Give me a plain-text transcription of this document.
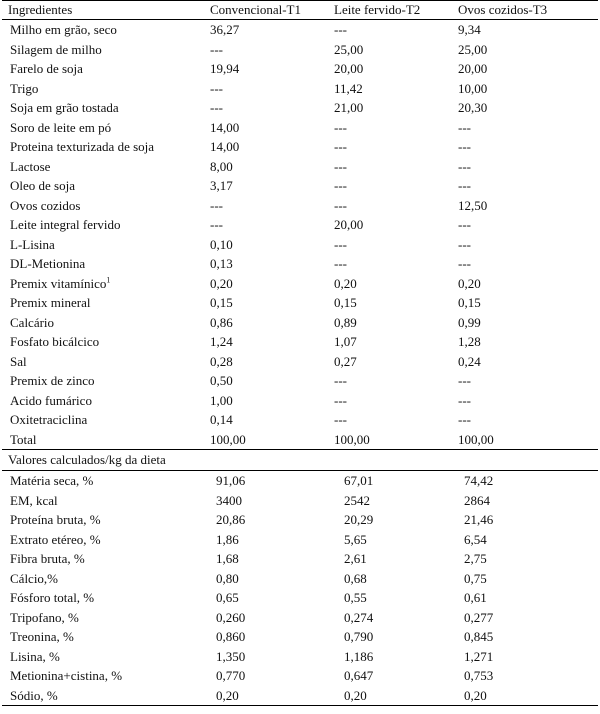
Ingredientes	Convencional-T1	Leite fervido-T2	Ovos cozidos-T3
Milho em grão, seco	36,27	---	9,34
Silagem de milho	---	25,00	25,00
Farelo de soja	19,94	20,00	20,00
Trigo	---	11,42	10,00
Soja em grão tostada	---	21,00	20,30
Soro de leite em pó	14,00	---	---
Proteina texturizada de soja	14,00	---	---
Lactose	8,00	---	---
Oleo de soja	3,17	---	---
Ovos cozidos	---	---	12,50
Leite integral fervido	---	20,00	---
L-Lisina	0,10	---	---
DL-Metionina	0,13	---	---
Premix vitamínico$^1$	0,20	0,20	0,20
Premix mineral	0,15	0,15	0,15
Calcário	0,86	0,89	0,99
Fosfato bicálcico	1,24	1,07	1,28
Sal	0,28	0,27	0,24
Premix de zinco	0,50	---	---
Acido fumárico	1,00	---	---
Oxitetraciclina	0,14	---	---
Total	100,00	100,00	100,00
Valores calculados/kg da dieta			
Matéria seca, %	91,06	67,01	74,42
EM, kcal	3400	2542	2864
Proteína bruta, %	20,86	20,29	21,46
Extrato etéreo, %	1,86	5,65	6,54
Fibra bruta, %	1,68	2,61	2,75
Cálcio,%	0,80	0,68	0,75
Fósforo total, %	0,65	0,55	0,61
Tripofano, %	0,260	0,274	0,277
Treonina, %	0,860	0,790	0,845
Lisina, %	1,350	1,186	1,271
Metionina+cistina, %	0,770	0,647	0,753
Sódio, %	0,20	0,20	0,20
